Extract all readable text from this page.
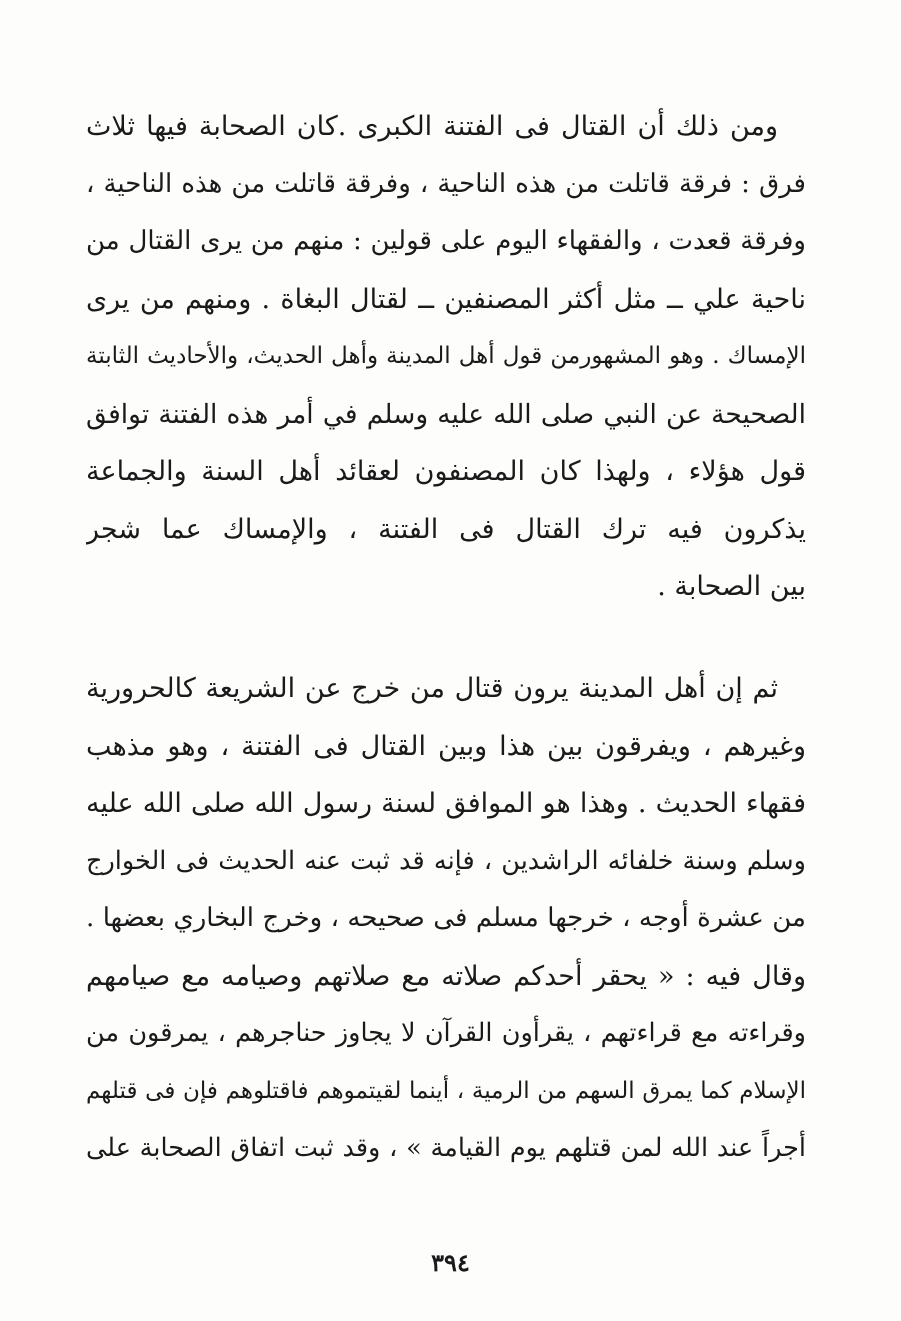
ومن ذلك أن القتال فى الفتنة الكبرى .كان الصحابة فيها ثلاث
فرق : فرقة قاتلت من هذه الناحية ، وفرقة قاتلت من هذه الناحية ،
وفرقة قعدت ، والفقهاء اليوم على قولين : منهم من يرى القتال من
ناحية علي ــ مثل أكثر المصنفين ــ لقتال البغاة . ومنهم من يرى
الإمساك . وهو المشهورمن قول أهل المدينة وأهل الحديث، والأحاديث الثابتة
الصحيحة عن النبي صلى الله عليه وسلم في أمر هذه الفتنة توافق
قول هؤلاء ، ولهذا كان المصنفون لعقائد أهل السنة والجماعة
يذكرون فيه ترك القتال فى الفتنة ، والإمساك عما شجر
بين الصحابة .
ثم إن أهل المدينة يرون قتال من خرج عن الشريعة كالحرورية
وغيرهم ، ويفرقون بين هذا وبين القتال فى الفتنة ، وهو مذهب
فقهاء الحديث . وهذا هو الموافق لسنة رسول الله صلى الله عليه
وسلم وسنة خلفائه الراشدين ، فإنه قد ثبت عنه الحديث فى الخوارج
من عشرة أوجه ، خرجها مسلم فى صحيحه ، وخرج البخاري بعضها .
وقال فيه : « يحقر أحدكم صلاته مع صلاتهم وصيامه مع صيامهم
وقراءته مع قراءتهم ، يقرأون القرآن لا يجاوز حناجرهم ، يمرقون من
الإسلام كما يمرق السهم من الرمية ، أينما لقيتموهم فاقتلوهم فإن فى قتلهم
أجراً عند الله لمن قتلهم يوم القيامة » ، وقد ثبت اتفاق الصحابة على
٣٩٤
